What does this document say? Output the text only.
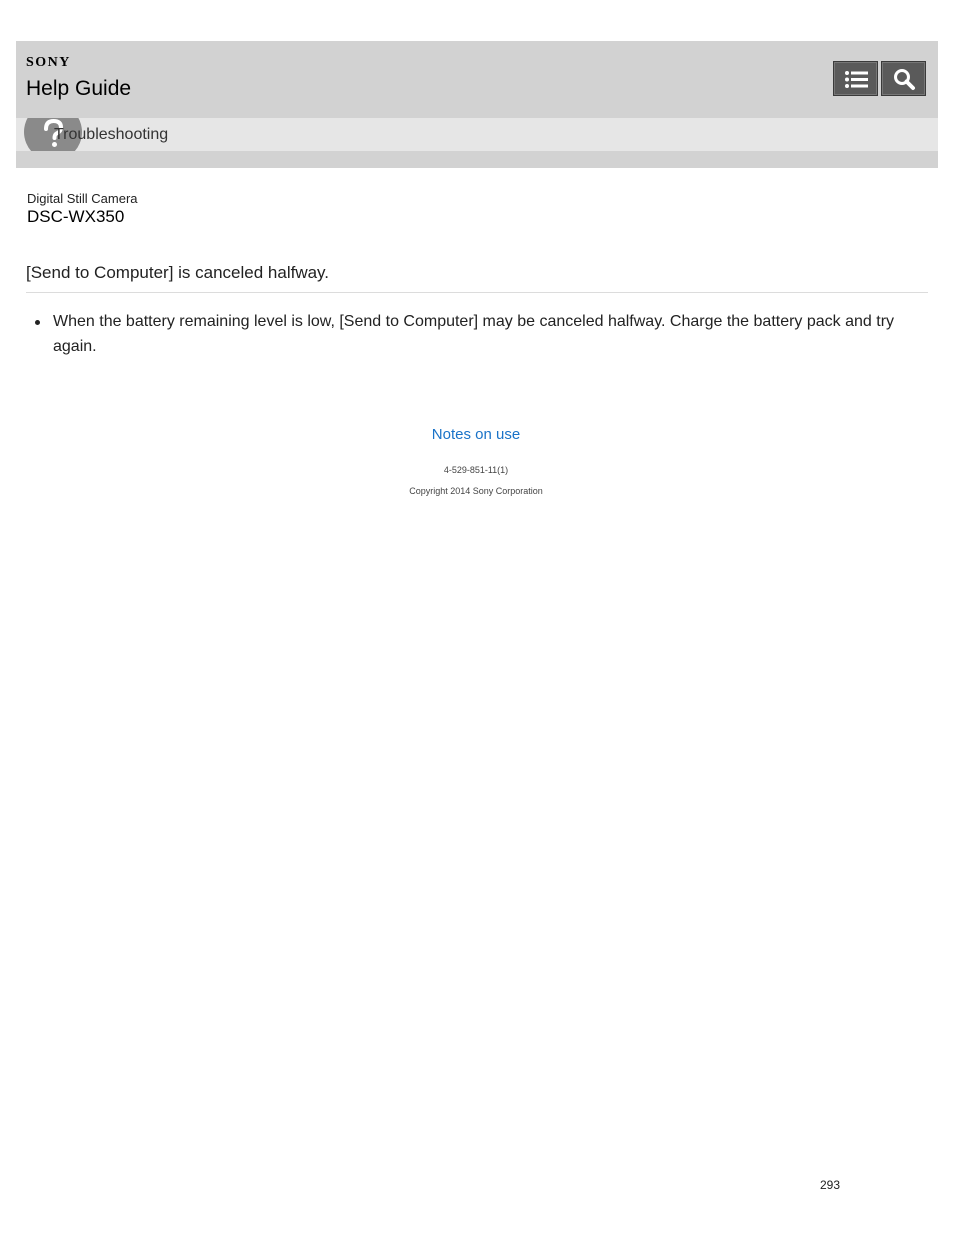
SONY
Help Guide
Troubleshooting
Digital Still Camera
DSC-WX350
[Send to Computer] is canceled halfway.
When the battery remaining level is low, [Send to Computer] may be canceled halfway. Charge the battery pack and try again.
Notes on use
4-529-851-11(1)
Copyright 2014 Sony Corporation
293
